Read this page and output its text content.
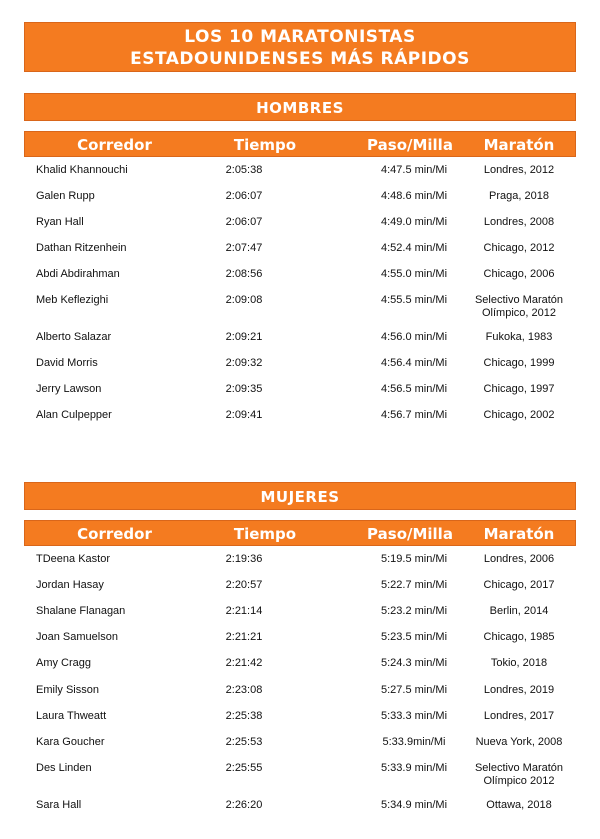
LOS 10 MARATONISTAS
ESTADOUNIDENSES MÁS RÁPIDOS
HOMBRES
Corredor	Tiempo	Paso/Milla	Maratón
Khalid Khannouchi	2:05:38	4:47.5 min/Mi	Londres, 2012
Galen Rupp	2:06:07	4:48.6 min/Mi	Praga, 2018
Ryan Hall	2:06:07	4:49.0 min/Mi	Londres, 2008
Dathan Ritzenhein	2:07:47	4:52.4 min/Mi	Chicago, 2012
Abdi Abdirahman	2:08:56	4:55.0 min/Mi	Chicago, 2006
Meb Keflezighi	2:09:08	4:55.5 min/Mi	Selectivo Maratón
Olímpico, 2012
Alberto Salazar	2:09:21	4:56.0 min/Mi	Fukoka, 1983
David Morris	2:09:32	4:56.4 min/Mi	Chicago, 1999
Jerry Lawson	2:09:35	4:56.5 min/Mi	Chicago, 1997
Alan Culpepper	2:09:41	4:56.7 min/Mi	Chicago, 2002
MUJERES
Corredor	Tiempo	Paso/Milla	Maratón
TDeena Kastor	2:19:36	5:19.5 min/Mi	Londres, 2006
Jordan Hasay	2:20:57	5:22.7 min/Mi	Chicago, 2017
Shalane Flanagan	2:21:14	5:23.2 min/Mi	Berlin, 2014
Joan Samuelson	2:21:21	5:23.5 min/Mi	Chicago, 1985
Amy Cragg	2:21:42	5:24.3 min/Mi	Tokio, 2018
Emily Sisson	2:23:08	5:27.5 min/Mi	Londres, 2019
Laura Thweatt	2:25:38	5:33.3 min/Mi	Londres, 2017
Kara Goucher	2:25:53	5:33.9min/Mi	Nueva York, 2008
Des Linden	2:25:55	5:33.9 min/Mi	Selectivo Maratón
Olímpico 2012
Sara Hall	2:26:20	5:34.9 min/Mi	Ottawa, 2018
